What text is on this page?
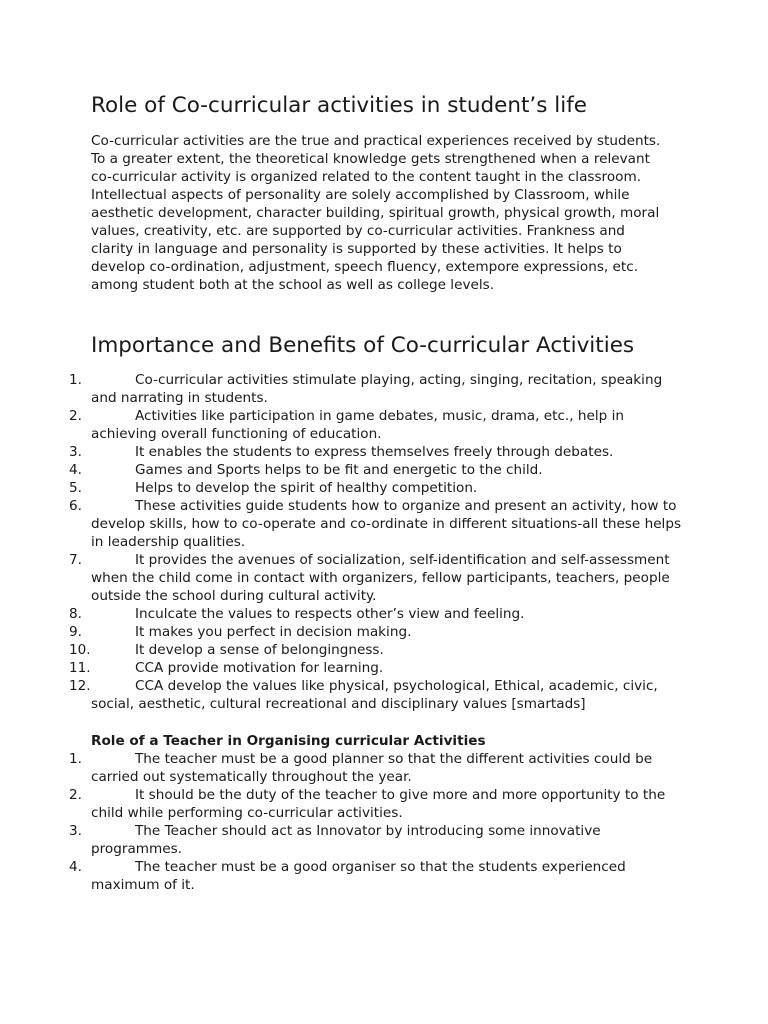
Role of Co-curricular activities in student’s life

Co-curricular activities are the true and practical experiences received by students. To a greater extent, the theoretical knowledge gets strengthened when a relevant co-curricular activity is organized related to the content taught in the classroom. Intellectual aspects of personality are solely accomplished by Classroom, while aesthetic development, character building, spiritual growth, physical growth, moral values, creativity, etc. are supported by co-curricular activities. Frankness and clarity in language and personality is supported by these activities. It helps to develop co-ordination, adjustment, speech fluency, extempore expressions, etc. among student both at the school as well as college levels.

Importance and Benefits of Co-curricular Activities
1.	Co-curricular activities stimulate playing, acting, singing, recitation, speaking and narrating in students.
2.	Activities like participation in game debates, music, drama, etc., help in achieving overall functioning of education.
3.	It enables the students to express themselves freely through debates.
4.	Games and Sports helps to be fit and energetic to the child.
5.	Helps to develop the spirit of healthy competition.
6.	These activities guide students how to organize and present an activity, how to develop skills, how to co-operate and co-ordinate in different situations-all these helps in leadership qualities.
7.	It provides the avenues of socialization, self-identification and self-assessment when the child come in contact with organizers, fellow participants, teachers, people outside the school during cultural activity.
8.	Inculcate the values to respects other’s view and feeling.
9.	It makes you perfect in decision making.
10.	It develop a sense of belongingness.
11.	CCA provide motivation for learning.
12.	CCA develop the values like physical, psychological, Ethical, academic, civic, social, aesthetic, cultural recreational and disciplinary values [smartads]

Role of a Teacher in Organising curricular Activities

1.	The teacher must be a good planner so that the different activities could be carried out systematically throughout the year.
2.	It should be the duty of the teacher to give more and more opportunity to the child while performing co-curricular activities.
3.	The Teacher should act as Innovator by introducing some innovative programmes.
4.	The teacher must be a good organiser so that the students experienced maximum of it.
